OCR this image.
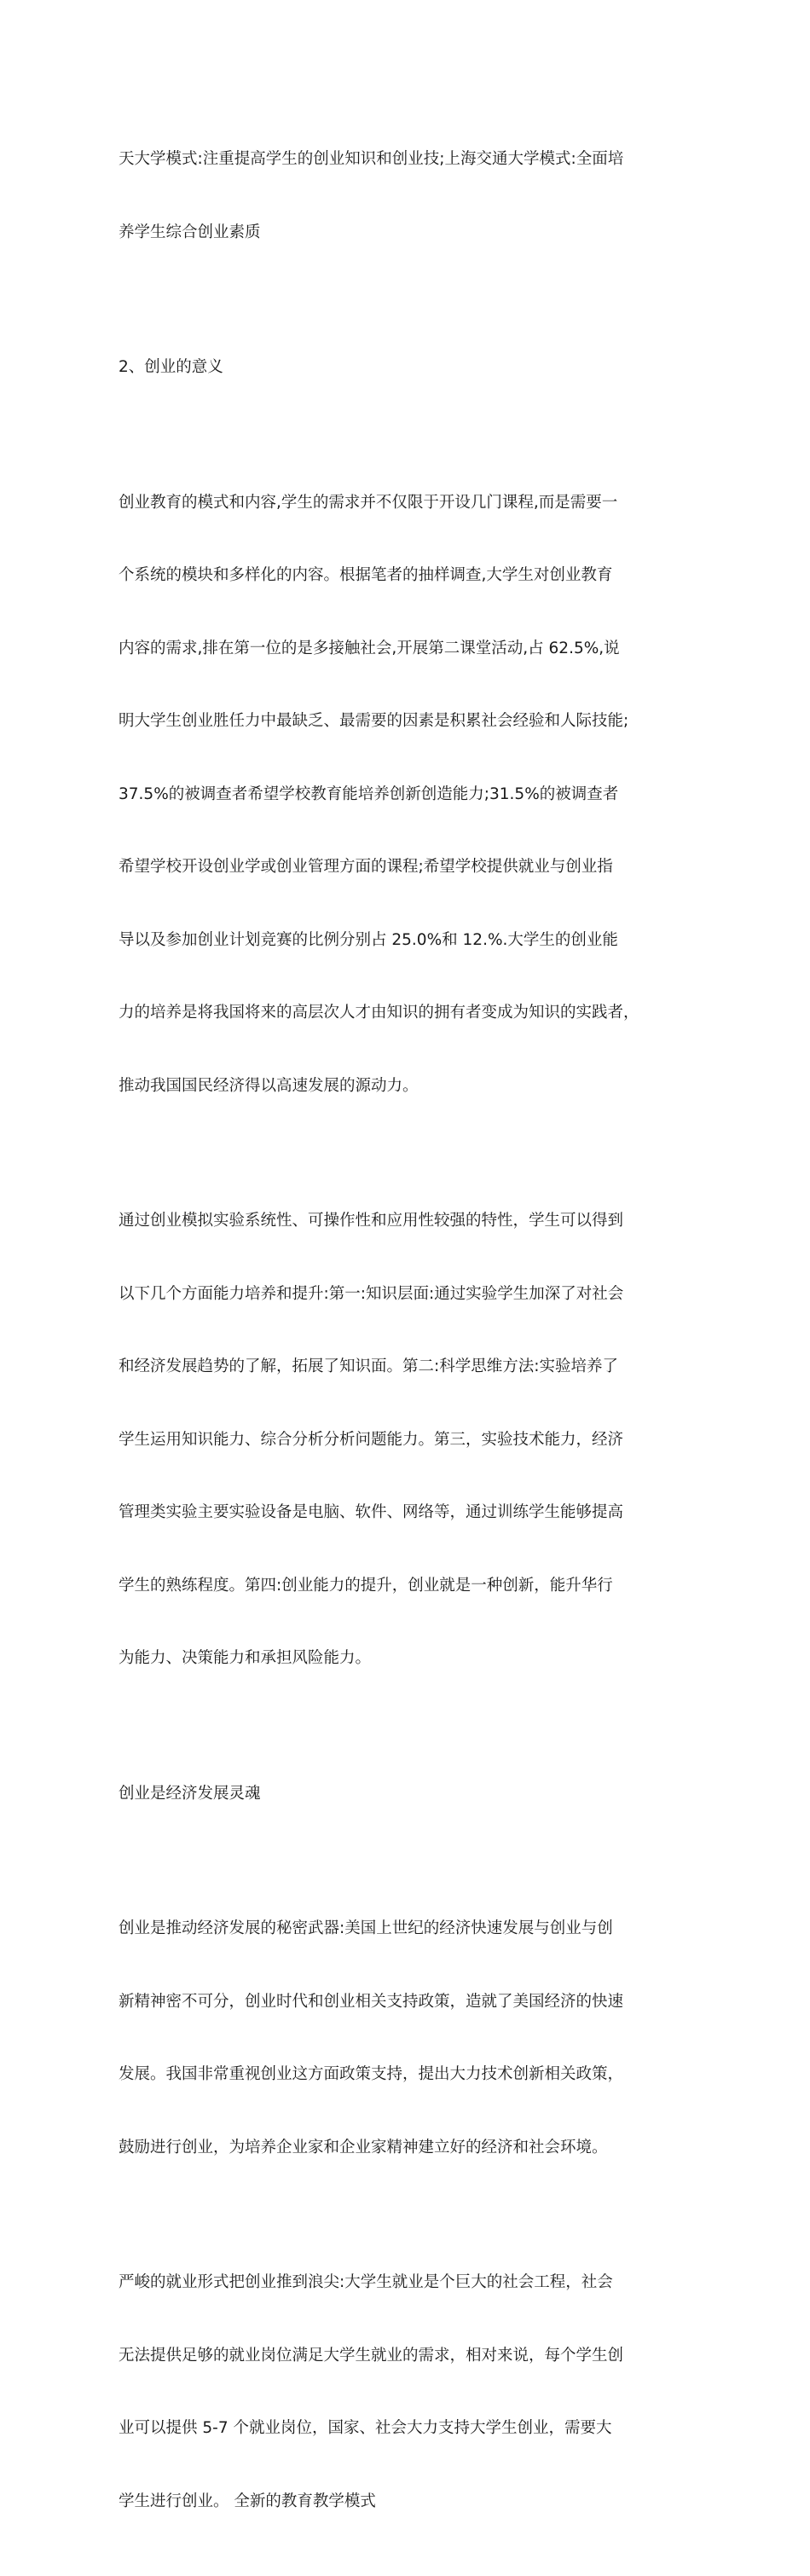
天大学模式:注重提高学生的创业知识和创业技;上海交通大学模式:全面培

养学生综合创业素质

2、创业的意义

创业教育的模式和内容,学生的需求并不仅限于开设几门课程,而是需要一

个系统的模块和多样化的内容。根据笔者的抽样调查,大学生对创业教育

内容的需求,排在第一位的是多接触社会,开展第二课堂活动,占 62.5%,说

明大学生创业胜任力中最缺乏、最需要的因素是积累社会经验和人际技能;

37.5%的被调查者希望学校教育能培养创新创造能力;31.5%的被调查者

希望学校开设创业学或创业管理方面的课程;希望学校提供就业与创业指

导以及参加创业计划竞赛的比例分别占 25.0%和 12.%.大学生的创业能

力的培养是将我国将来的高层次人才由知识的拥有者变成为知识的实践者，

推动我国国民经济得以高速发展的源动力。

通过创业模拟实验系统性、可操作性和应用性较强的特性，学生可以得到

以下几个方面能力培养和提升:第一:知识层面:通过实验学生加深了对社会

和经济发展趋势的了解，拓展了知识面。第二:科学思维方法:实验培养了

学生运用知识能力、综合分析分析问题能力。第三，实验技术能力，经济

管理类实验主要实验设备是电脑、软件、网络等，通过训练学生能够提高

学生的熟练程度。第四:创业能力的提升，创业就是一种创新，能升华行

为能力、决策能力和承担风险能力。

创业是经济发展灵魂

创业是推动经济发展的秘密武器:美国上世纪的经济快速发展与创业与创

新精神密不可分，创业时代和创业相关支持政策，造就了美国经济的快速

发展。我国非常重视创业这方面政策支持，提出大力技术创新相关政策，

鼓励进行创业，为培养企业家和企业家精神建立好的经济和社会环境。

严峻的就业形式把创业推到浪尖:大学生就业是个巨大的社会工程，社会

无法提供足够的就业岗位满足大学生就业的需求，相对来说，每个学生创

业可以提供 5-7 个就业岗位，国家、社会大力支持大学生创业，需要大

学生进行创业。 全新的教育教学模式
